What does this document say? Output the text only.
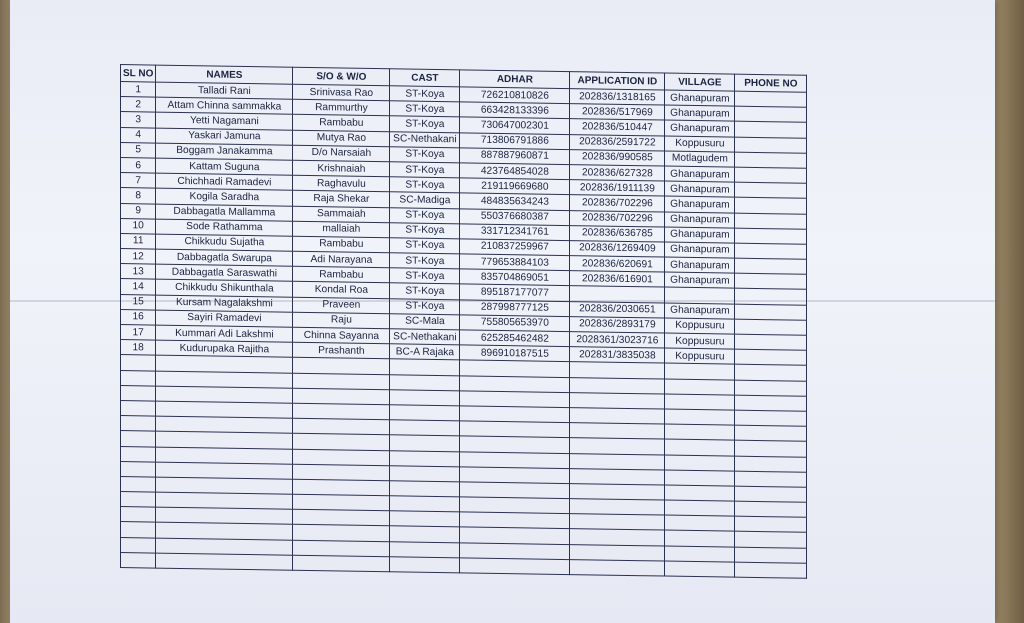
SL NO	NAMES	S/O & W/O	CAST	ADHAR	APPLICATION ID	VILLAGE	PHONE NO
1	Talladi Rani	Srinivasa Rao	ST-Koya	726210810826	202836/1318165	Ghanapuram	
2	Attam Chinna sammakka	Rammurthy	ST-Koya	663428133396	202836/517969	Ghanapuram	
3	Yetti Nagamani	Rambabu	ST-Koya	730647002301	202836/510447	Ghanapuram	
4	Yaskari Jamuna	Mutya Rao	SC-Nethakani	713806791886	202836/2591722	Koppusuru	
5	Boggam Janakamma	D/o Narsaiah	ST-Koya	887887960871	202836/990585	Motlagudem	
6	Kattam Suguna	Krishnaiah	ST-Koya	423764854028	202836/627328	Ghanapuram	
7	Chichhadi Ramadevi	Raghavulu	ST-Koya	219119669680	202836/1911139	Ghanapuram	
8	Kogila Saradha	Raja Shekar	SC-Madiga	484835634243	202836/702296	Ghanapuram	
9	Dabbagatla Mallamma	Sammaiah	ST-Koya	550376680387	202836/702296	Ghanapuram	
10	Sode Rathamma	mallaiah	ST-Koya	331712341761	202836/636785	Ghanapuram	
11	Chikkudu Sujatha	Rambabu	ST-Koya	210837259967	202836/1269409	Ghanapuram	
12	Dabbagatla Swarupa	Adi Narayana	ST-Koya	779653884103	202836/620691	Ghanapuram	
13	Dabbagatla Saraswathi	Rambabu	ST-Koya	835704869051	202836/616901	Ghanapuram	
14	Chikkudu Shikunthala	Kondal Roa	ST-Koya	895187177077			
15	Kursam Nagalakshmi	Praveen	ST-Koya	287998777125	202836/2030651	Ghanapuram	
16	Sayiri Ramadevi	Raju	SC-Mala	755805653970	202836/2893179	Koppusuru	
17	Kummari Adi Lakshmi	Chinna Sayanna	SC-Nethakani	625285462482	2028361/3023716	Koppusuru	
18	Kudurupaka Rajitha	Prashanth	BC-A Rajaka	896910187515	202831/3835038	Koppusuru	
